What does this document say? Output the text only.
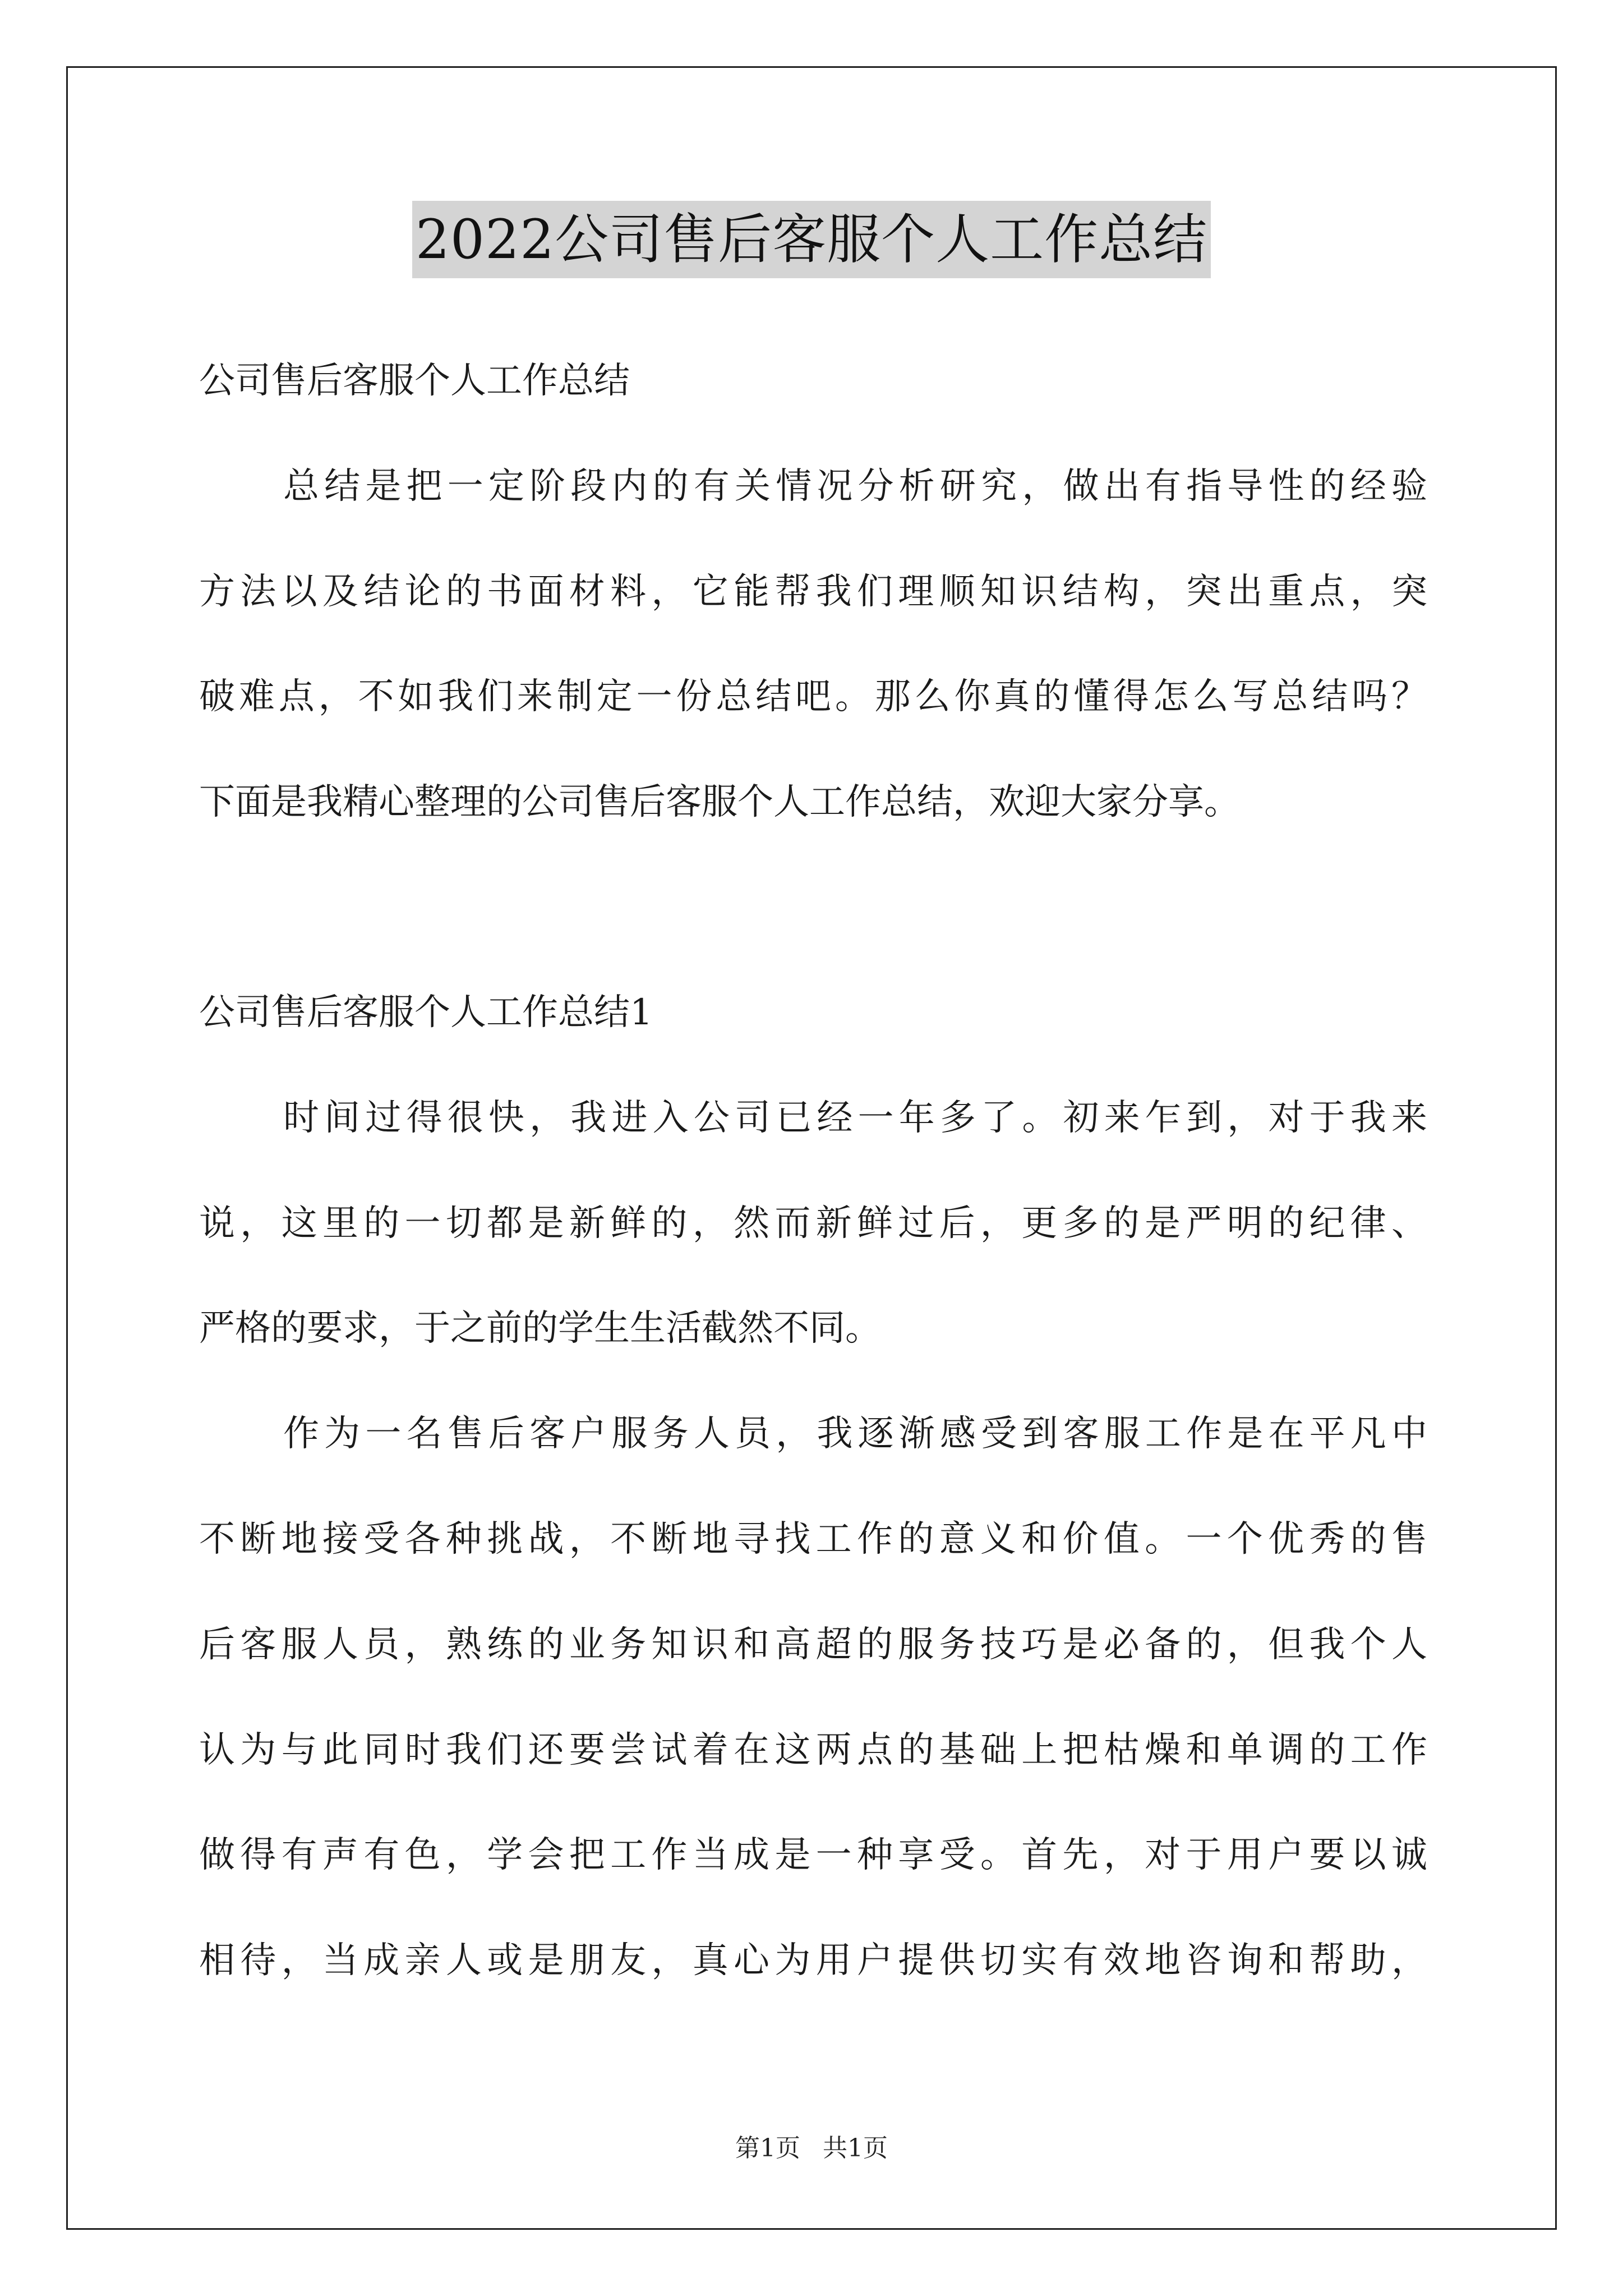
2022公司售后客服个人工作总结
公司售后客服个人工作总结
总结是把一定阶段内的有关情况分析研究，做出有指导性的经验
方法以及结论的书面材料，它能帮我们理顺知识结构，突出重点，突
破难点，不如我们来制定一份总结吧。那么你真的懂得怎么写总结吗？
下面是我精心整理的公司售后客服个人工作总结，欢迎大家分享。
公司售后客服个人工作总结1
时间过得很快，我进入公司已经一年多了。初来乍到，对于我来
说，这里的一切都是新鲜的，然而新鲜过后，更多的是严明的纪律、
严格的要求，于之前的学生生活截然不同。
作为一名售后客户服务人员，我逐渐感受到客服工作是在平凡中
不断地接受各种挑战，不断地寻找工作的意义和价值。一个优秀的售
后客服人员，熟练的业务知识和高超的服务技巧是必备的，但我个人
认为与此同时我们还要尝试着在这两点的基础上把枯燥和单调的工作
做得有声有色，学会把工作当成是一种享受。首先，对于用户要以诚
相待，当成亲人或是朋友，真心为用户提供切实有效地咨询和帮助，
第1页 共1页
